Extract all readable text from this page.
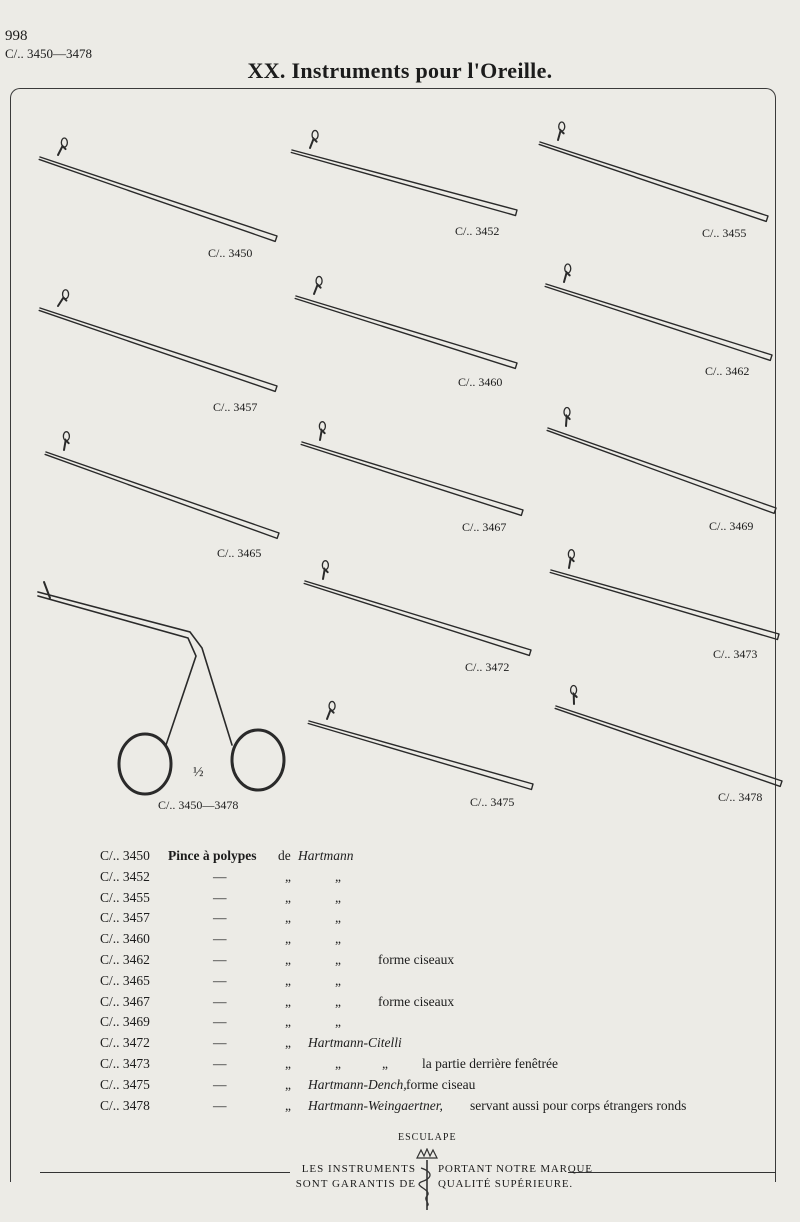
998
C/.. 3450—3478
XX. Instruments pour l'Oreille.
C/.. 3450
C/.. 3452	C/.. 3455
C/.. 3457
C/.. 3460
C/.. 3462
C/.. 3465
C/.. 3467	C/.. 3469
C/.. 3472
C/.. 3473
C/.. 3475	C/.. 3478
C/.. 3450—3478
½
C/.. 3450 Pince à polypes de Hartmann
C/.. 3452	—	„	„
C/.. 3455	—	„	„
C/.. 3457	—	„	„
C/.. 3460	—	„	„
C/.. 3462	—	„	„	forme ciseaux
C/.. 3465	—	„	„
C/.. 3467	—	„	„	forme ciseaux
C/.. 3469	—	„	„
C/.. 3472	—	„ Hartmann-Citelli
C/.. 3473	—	„	„	„	la partie derrière fenêtrée
C/.. 3475	—	„ Hartmann-Dench, forme ciseau
C/.. 3478	—	„ Hartmann-Weingaertner, servant aussi pour corps étrangers ronds
ESCULAPE
LES INSTRUMENTS
SONT GARANTIS DE
PORTANT NOTRE MARQUE
QUALITÉ SUPÉRIEURE.
